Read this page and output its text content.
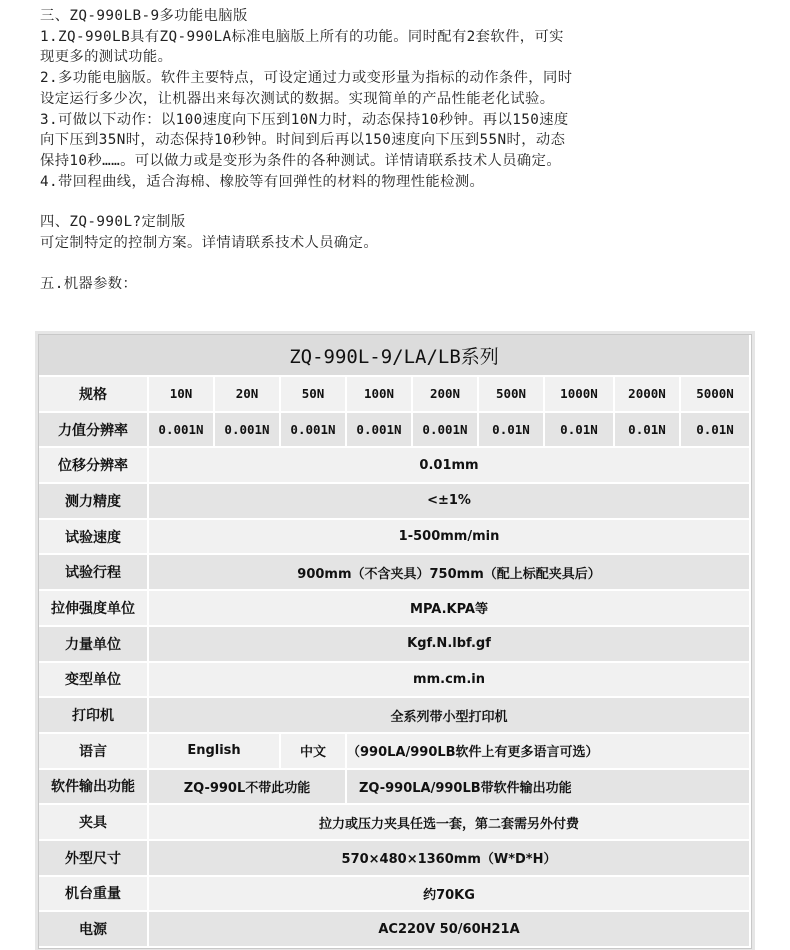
三、ZQ-990LB-9多功能电脑版

1.ZQ-990LB具有ZQ-990LA标准电脑版上所有的功能。同时配有2套软件，可实

现更多的测试功能。

2.多功能电脑版。软件主要特点，可设定通过力或变形量为指标的动作条件，同时

设定运行多少次，让机器出来每次测试的数据。实现简单的产品性能老化试验。

3.可做以下动作：以100速度向下压到10N力时，动态保持10秒钟。再以150速度

向下压到35N时，动态保持10秒钟。时间到后再以150速度向下压到55N时，动态

保持10秒……。可以做力或是变形为条件的各种测试。详情请联系技术人员确定。

4.带回程曲线，适合海棉、橡胶等有回弹性的材料的物理性能检测。

四、ZQ-990L?定制版

可定制特定的控制方案。详情请联系技术人员确定。

五.机器参数：

ZQ-990L-9/LA/LB系列									
规格	10N	20N	50N	100N	200N	500N	1000N	2000N	5000N
力值分辨率	0.001N	0.001N	0.001N	0.001N	0.001N	0.01N	0.01N	0.01N	0.01N
位移分辨率	0.01mm								
测力精度	<±1%								
试验速度	1-500mm/min								
试验行程	900mm（不含夹具）750mm（配上标配夹具后）								
拉伸强度单位	MPA.KPA等								
力量单位	Kgf.N.lbf.gf								
变型单位	mm.cm.in								
打印机	全系列带小型打印机								
语言	English		中文	（990LA/990LB软件上有更多语言可选）					
软件输出功能	ZQ-990L不带此功能			ZQ-990LA/990LB带软件输出功能					
夹具	拉力或压力夹具任选一套，第二套需另外付费								
外型尺寸	570×480×1360mm（W*D*H）								
机台重量	约70KG								
电源	AC220V 50/60H21A								
